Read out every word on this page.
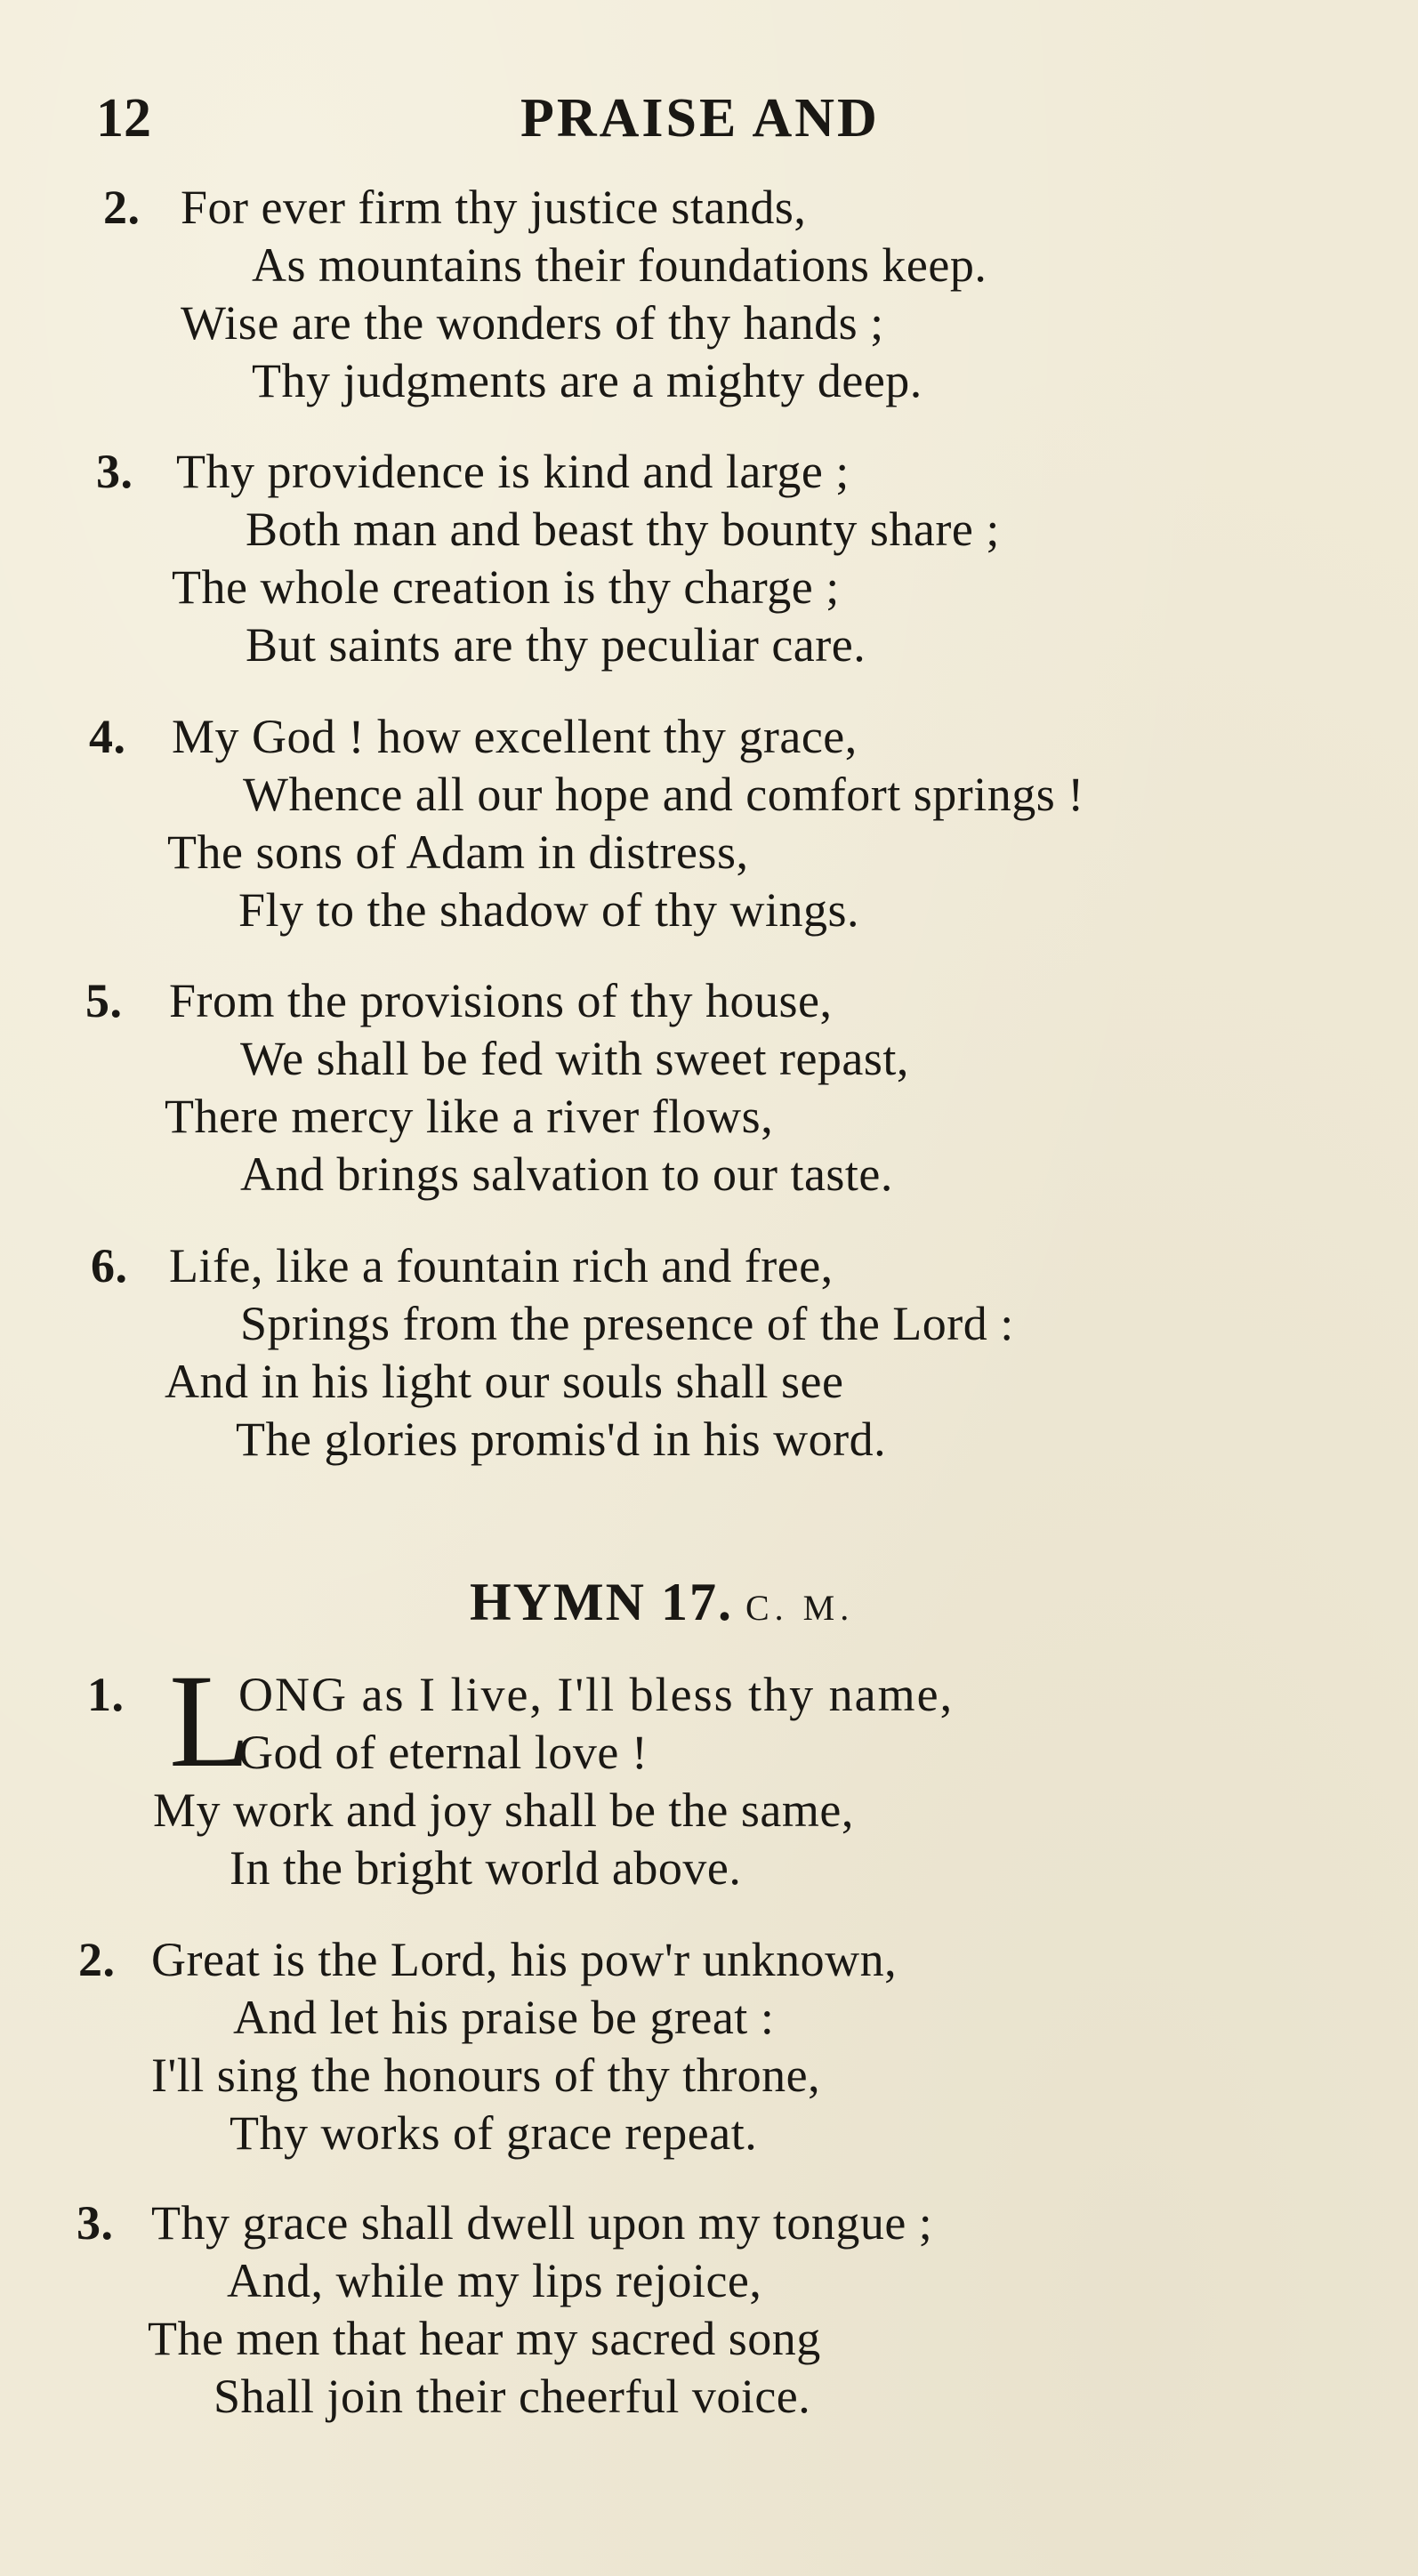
12	PRAISE AND
2. For ever firm thy justice stands,
As mountains their foundations keep.
Wise are the wonders of thy hands ;
Thy judgments are a mighty deep.
3. Thy providence is kind and large ;
Both man and beast thy bounty share ;
The whole creation is thy charge ;
But saints are thy peculiar care.
4. My God ! how excellent thy grace,
Whence all our hope and comfort springs !
The sons of Adam in distress,
Fly to the shadow of thy wings.
5. From the provisions of thy house,
We shall be fed with sweet repast,
There mercy like a river flows,
And brings salvation to our taste.
6. Life, like a fountain rich and free,
Springs from the presence of the Lord :
And in his light our souls shall see
The glories promis'd in his word.
HYMN 17. C. M.
1. L
ONG as I live, I'll bless thy name,
God of eternal love !
My work and joy shall be the same,
In the bright world above.
2. Great is the Lord, his pow'r unknown,
And let his praise be great :
I'll sing the honours of thy throne,
Thy works of grace repeat.
3. Thy grace shall dwell upon my tongue ;
And, while my lips rejoice,
The men that hear my sacred song
Shall join their cheerful voice.
